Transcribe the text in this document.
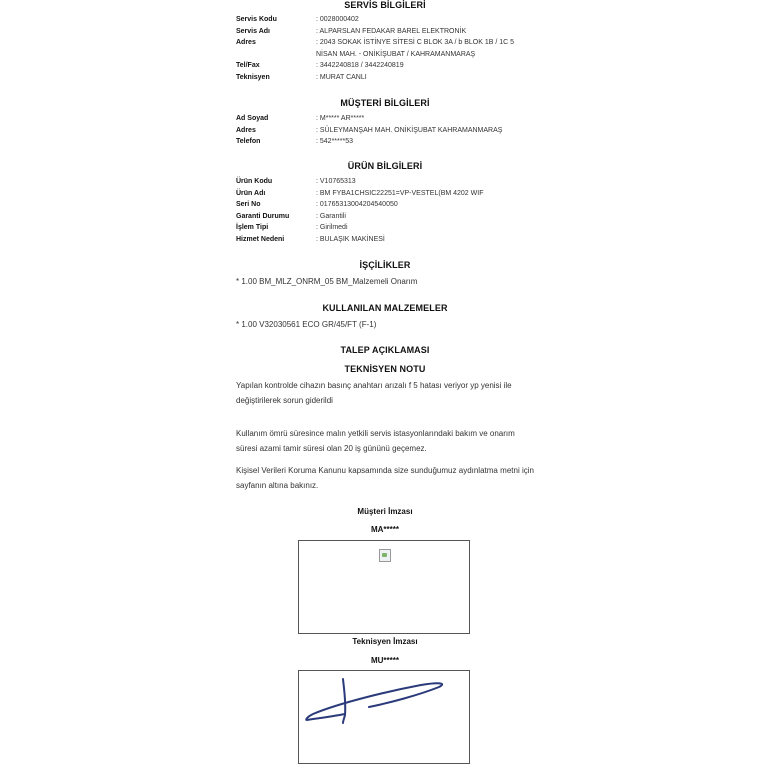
SERVİS BİLGİLERİ
Servis Kodu	: 0028000402
Servis Adı	: ALPARSLAN FEDAKAR BAREL ELEKTRONİK
Adres	: 2043 SOKAK İSTİNYE SİTESİ C BLOK 3A / b BLOK 1B / 1C 5
	NİSAN MAH. - ONİKİŞUBAT / KAHRAMANMARAŞ
Tel/Fax	: 3442240818 / 3442240819
Teknisyen	: MURAT CANLI
MÜŞTERİ BİLGİLERİ
Ad Soyad	: M***** AR*****
Adres	: SÜLEYMANŞAH MAH. ONİKİŞUBAT KAHRAMANMARAŞ
Telefon	: 542*****53
ÜRÜN BİLGİLERİ
Ürün Kodu	: V10765313
Ürün Adı	: BM FYBA1CHSIC22251=VP-VESTEL(BM 4202 WIF
Seri No	: 01765313004204540050
Garanti Durumu	: Garantili
İşlem Tipi	: Girilmedi
Hizmet Nedeni	: BULAŞIK MAKİNESİ
İŞÇİLİKLER
* 1.00 BM_MLZ_ONRM_05 BM_Malzemeli Onarım
KULLANILAN MALZEMELER
* 1.00 V32030561 ECO GR/45/FT (F-1)
TALEP AÇIKLAMASI
TEKNİSYEN NOTU
Yapılan kontrolde cihazın basınç anahtarı arızalı f 5 hatası veriyor yp yenisi ile değiştirilerek sorun giderildi
Kullanım ömrü süresince malın yetkili servis istasyonlarındaki bakım ve onarım süresi azami tamir süresi olan 20 iş gününü geçemez.
Kişisel Verileri Koruma Kanunu kapsamında size sunduğumuz aydınlatma metni için sayfanın altına bakınız.
Müşteri İmzası
MA*****
Teknisyen İmzası
MU*****
